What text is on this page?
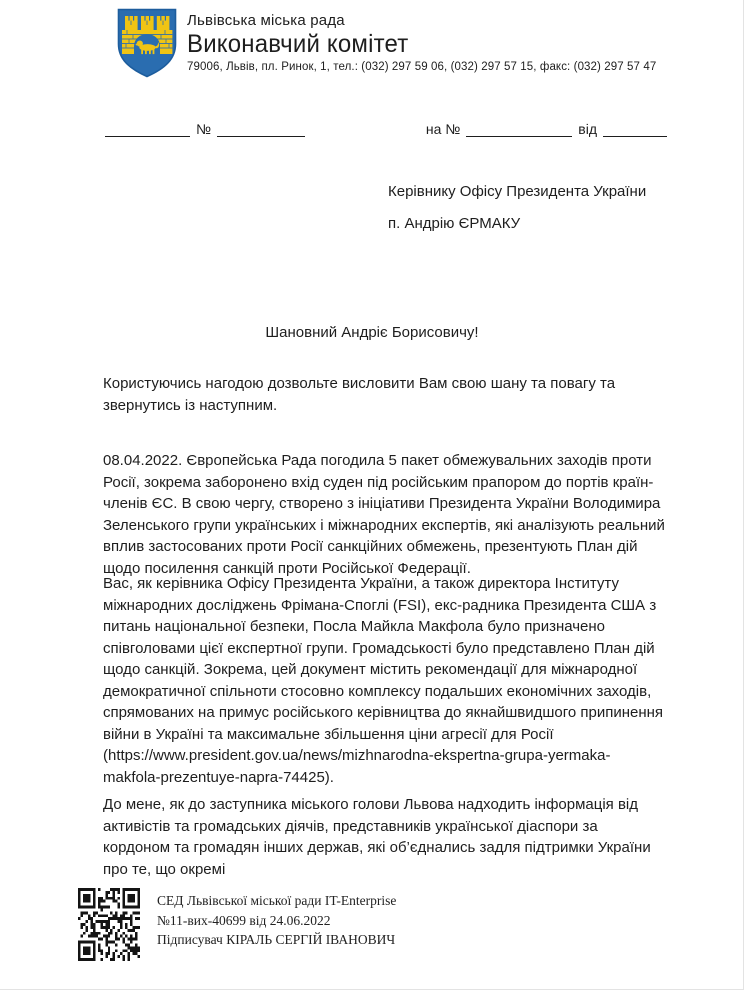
Львівська міська рада
Виконавчий комітет
79006, Львів, пл. Ринок, 1, тел.: (032) 297 59 06, (032) 297 57 15, факс: (032) 297 57 47
№	на №	від
Керівнику Офісу Президента України
п. Андрію ЄРМАКУ
Шановний Андріє Борисовичу!
Користуючись нагодою дозвольте висловити Вам свою шану та повагу та звернутись із наступним.
08.04.2022. Європейська Рада погодила 5 пакет обмежувальних заходів проти Росії, зокрема заборонено вхід суден під російським прапором до портів країн-членів ЄС. В свою чергу, створено з ініціативи Президента України Володимира Зеленського групи українських і міжнародних експертів, які аналізують реальний вплив застосованих проти Росії санкційних обмежень, презентують План дій щодо посилення санкцій проти Російської Федерації.
Вас, як керівника Офісу Президента України, а також директора Інституту міжнародних досліджень Фрімана-Споглі (FSI), екс-радника Президента США з питань національної безпеки, Посла Майкла Макфола було призначено співголовами цієї експертної групи. Громадськості було представлено План дій щодо санкцій. Зокрема, цей документ містить рекомендації для міжнародної демократичної спільноти стосовно комплексу подальших економічних заходів, спрямованих на примус російського керівництва до якнайшвидшого припинення війни в Україні та максимальне збільшення ціни агресії для Росії (https://www.president.gov.ua/news/mizhnarodna-ekspertna-grupa-yermaka-makfola-prezentuye-napra-74425).
До мене, як до заступника міського голови Львова надходить інформація від активістів та громадських діячів, представників української діаспори за кордоном та громадян інших держав, які об’єднались задля підтримки України про те, що окремі
СЕД Львівської міської ради IT-Enterprise
№11-вих-40699 від 24.06.2022
Підписувач КІРАЛЬ СЕРГІЙ ІВАНОВИЧ
